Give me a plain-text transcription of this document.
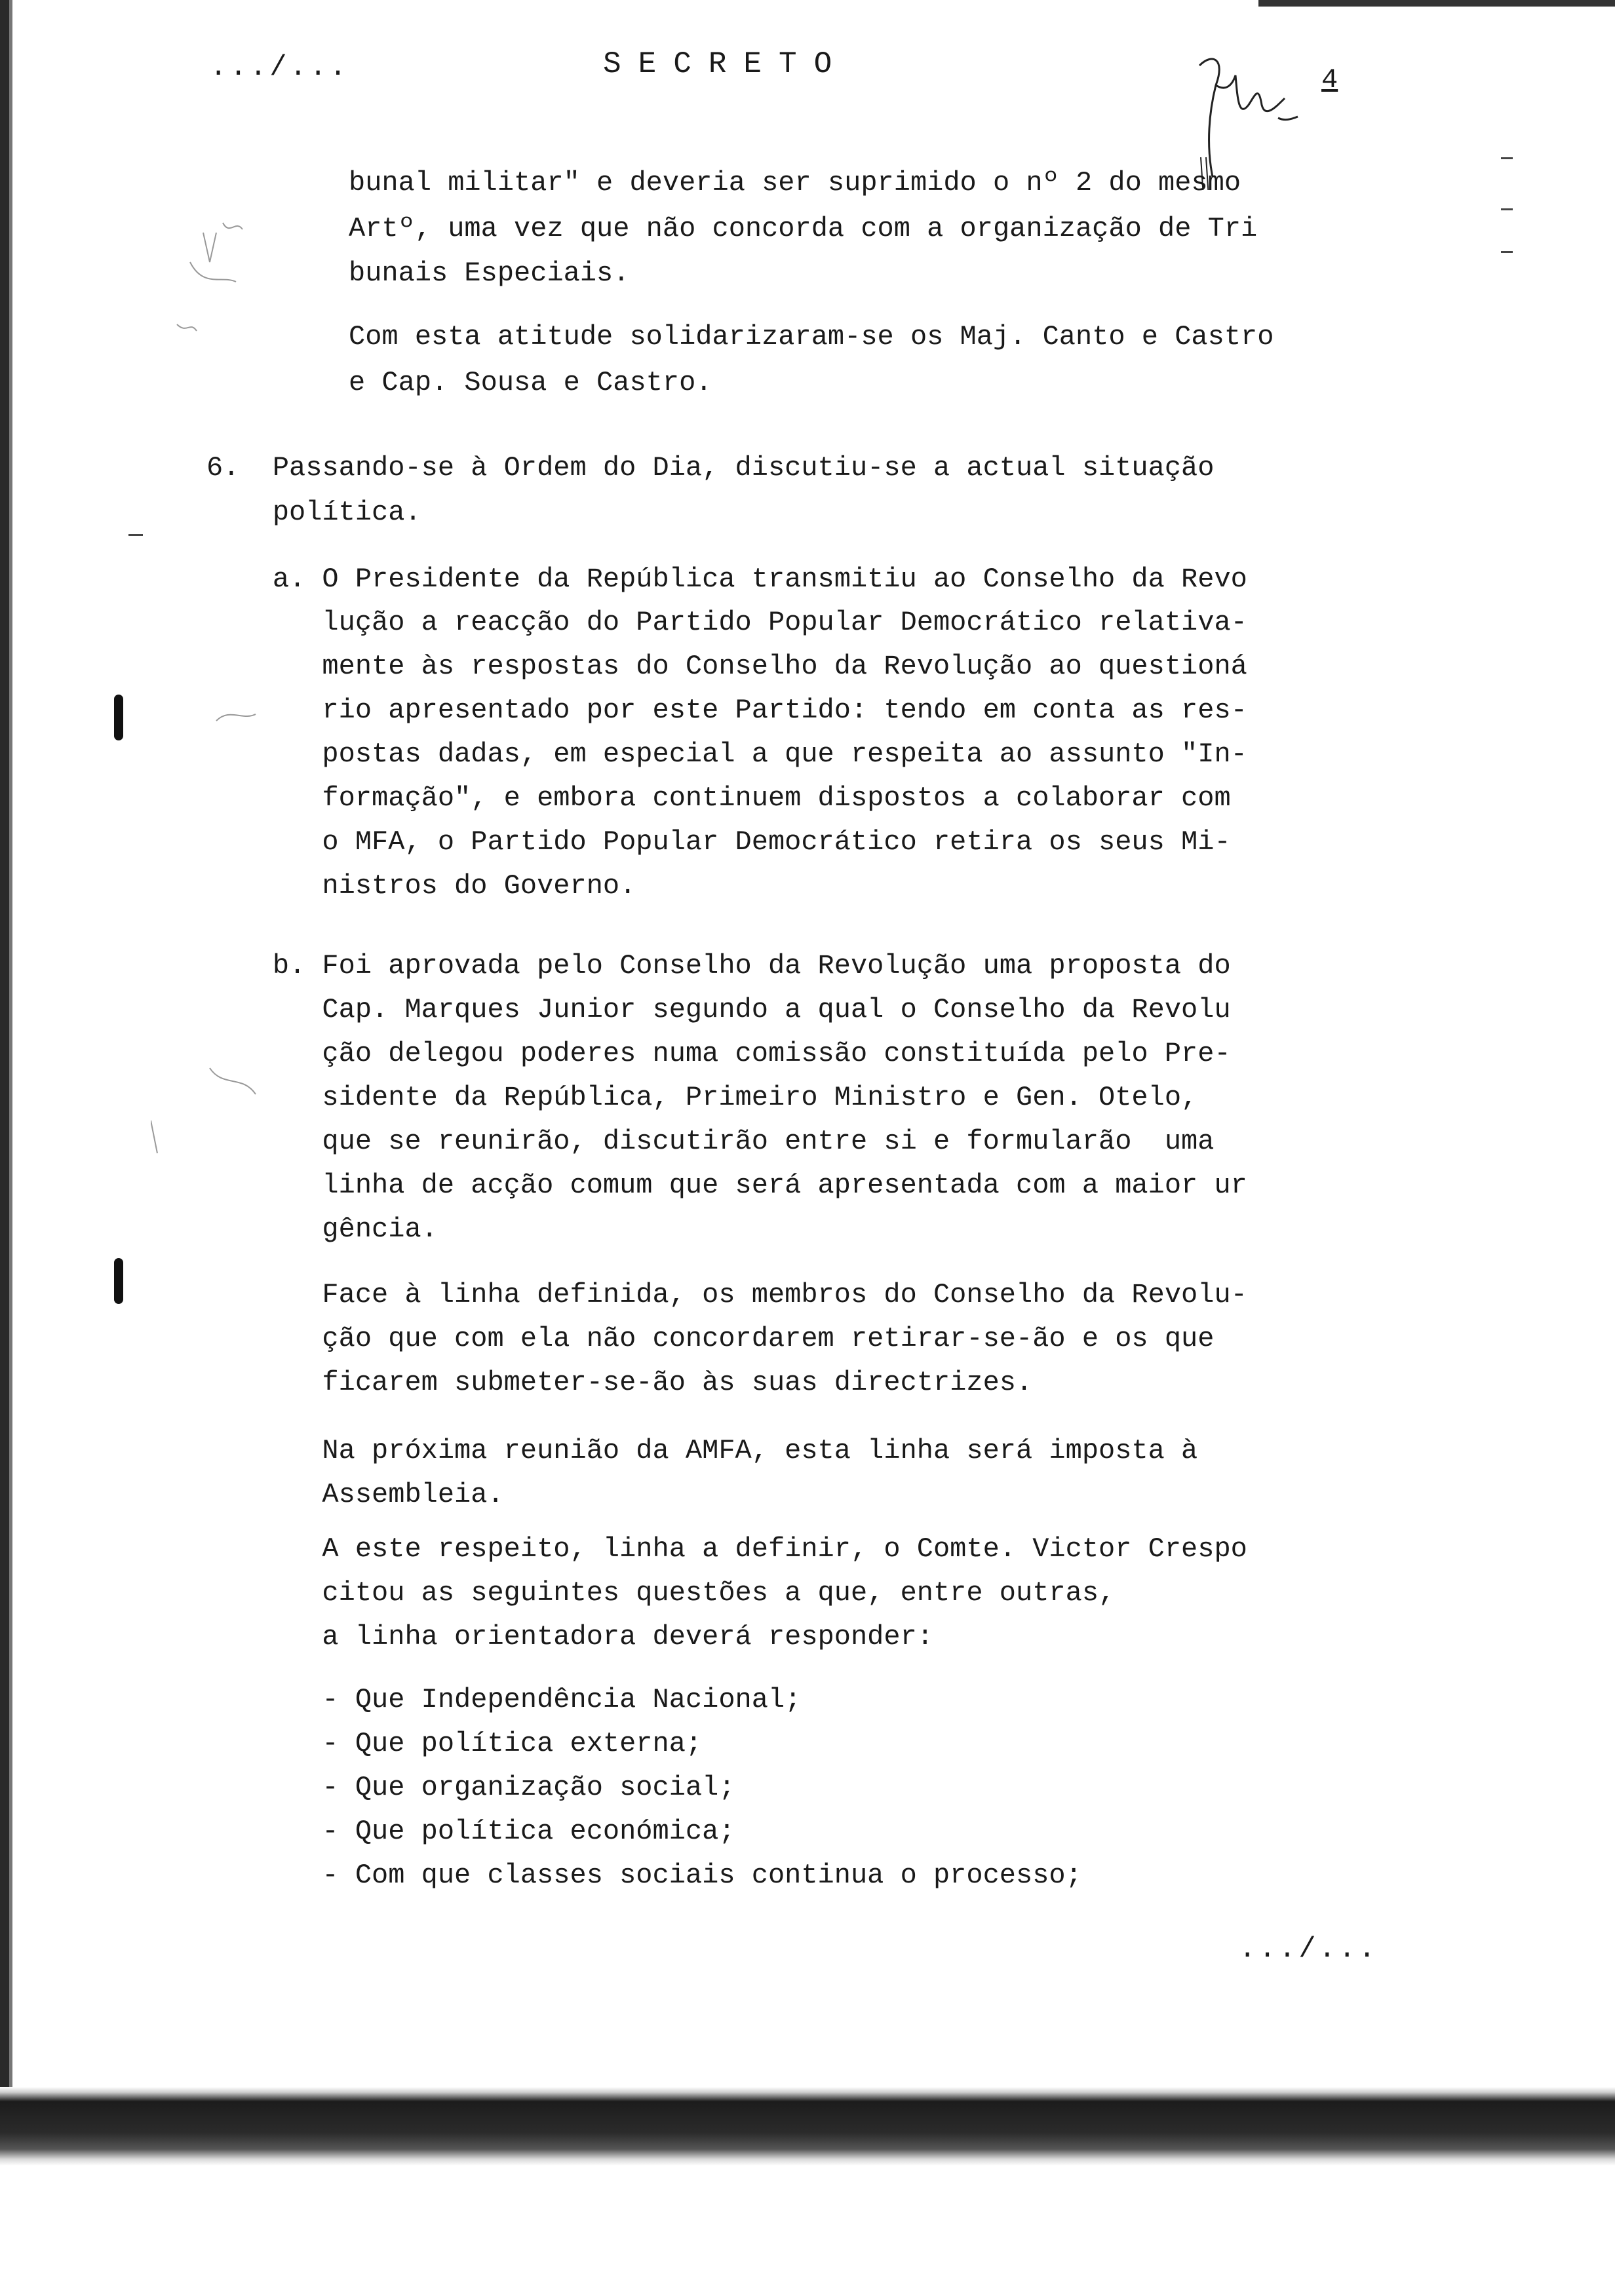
.../...	SECRETO	4
bunal militar" e deveria ser suprimido o nº 2 do mesmo
Artº, uma vez que não concorda com a organização de Tri
bunais Especiais.
Com esta atitude solidarizaram-se os Maj. Canto e Castro
e Cap. Sousa e Castro.
6.  Passando-se à Ordem do Dia, discutiu-se a actual situação
política.
a. O Presidente da República transmitiu ao Conselho da Revo
lução a reacção do Partido Popular Democrático relativa-
mente às respostas do Conselho da Revolução ao questioná
rio apresentado por este Partido: tendo em conta as res-
postas dadas, em especial a que respeita ao assunto "In-
formação", e embora continuem dispostos a colaborar com
o MFA, o Partido Popular Democrático retira os seus Mi-
nistros do Governo.
b. Foi aprovada pelo Conselho da Revolução uma proposta do
Cap. Marques Junior segundo a qual o Conselho da Revolu
ção delegou poderes numa comissão constituída pelo Pre-
sidente da República, Primeiro Ministro e Gen. Otelo,
que se reunirão, discutirão entre si e formularão  uma
linha de acção comum que será apresentada com a maior ur
gência.
Face à linha definida, os membros do Conselho da Revolu-
ção que com ela não concordarem retirar-se-ão e os que
ficarem submeter-se-ão às suas directrizes.
Na próxima reunião da AMFA, esta linha será imposta à
Assembleia.
A este respeito, linha a definir, o Comte. Victor Crespo
citou as seguintes questões a que, entre outras,
a linha orientadora deverá responder:
- Que Independência Nacional;
- Que política externa;
- Que organização social;
- Que política económica;
- Com que classes sociais continua o processo;
.../...
